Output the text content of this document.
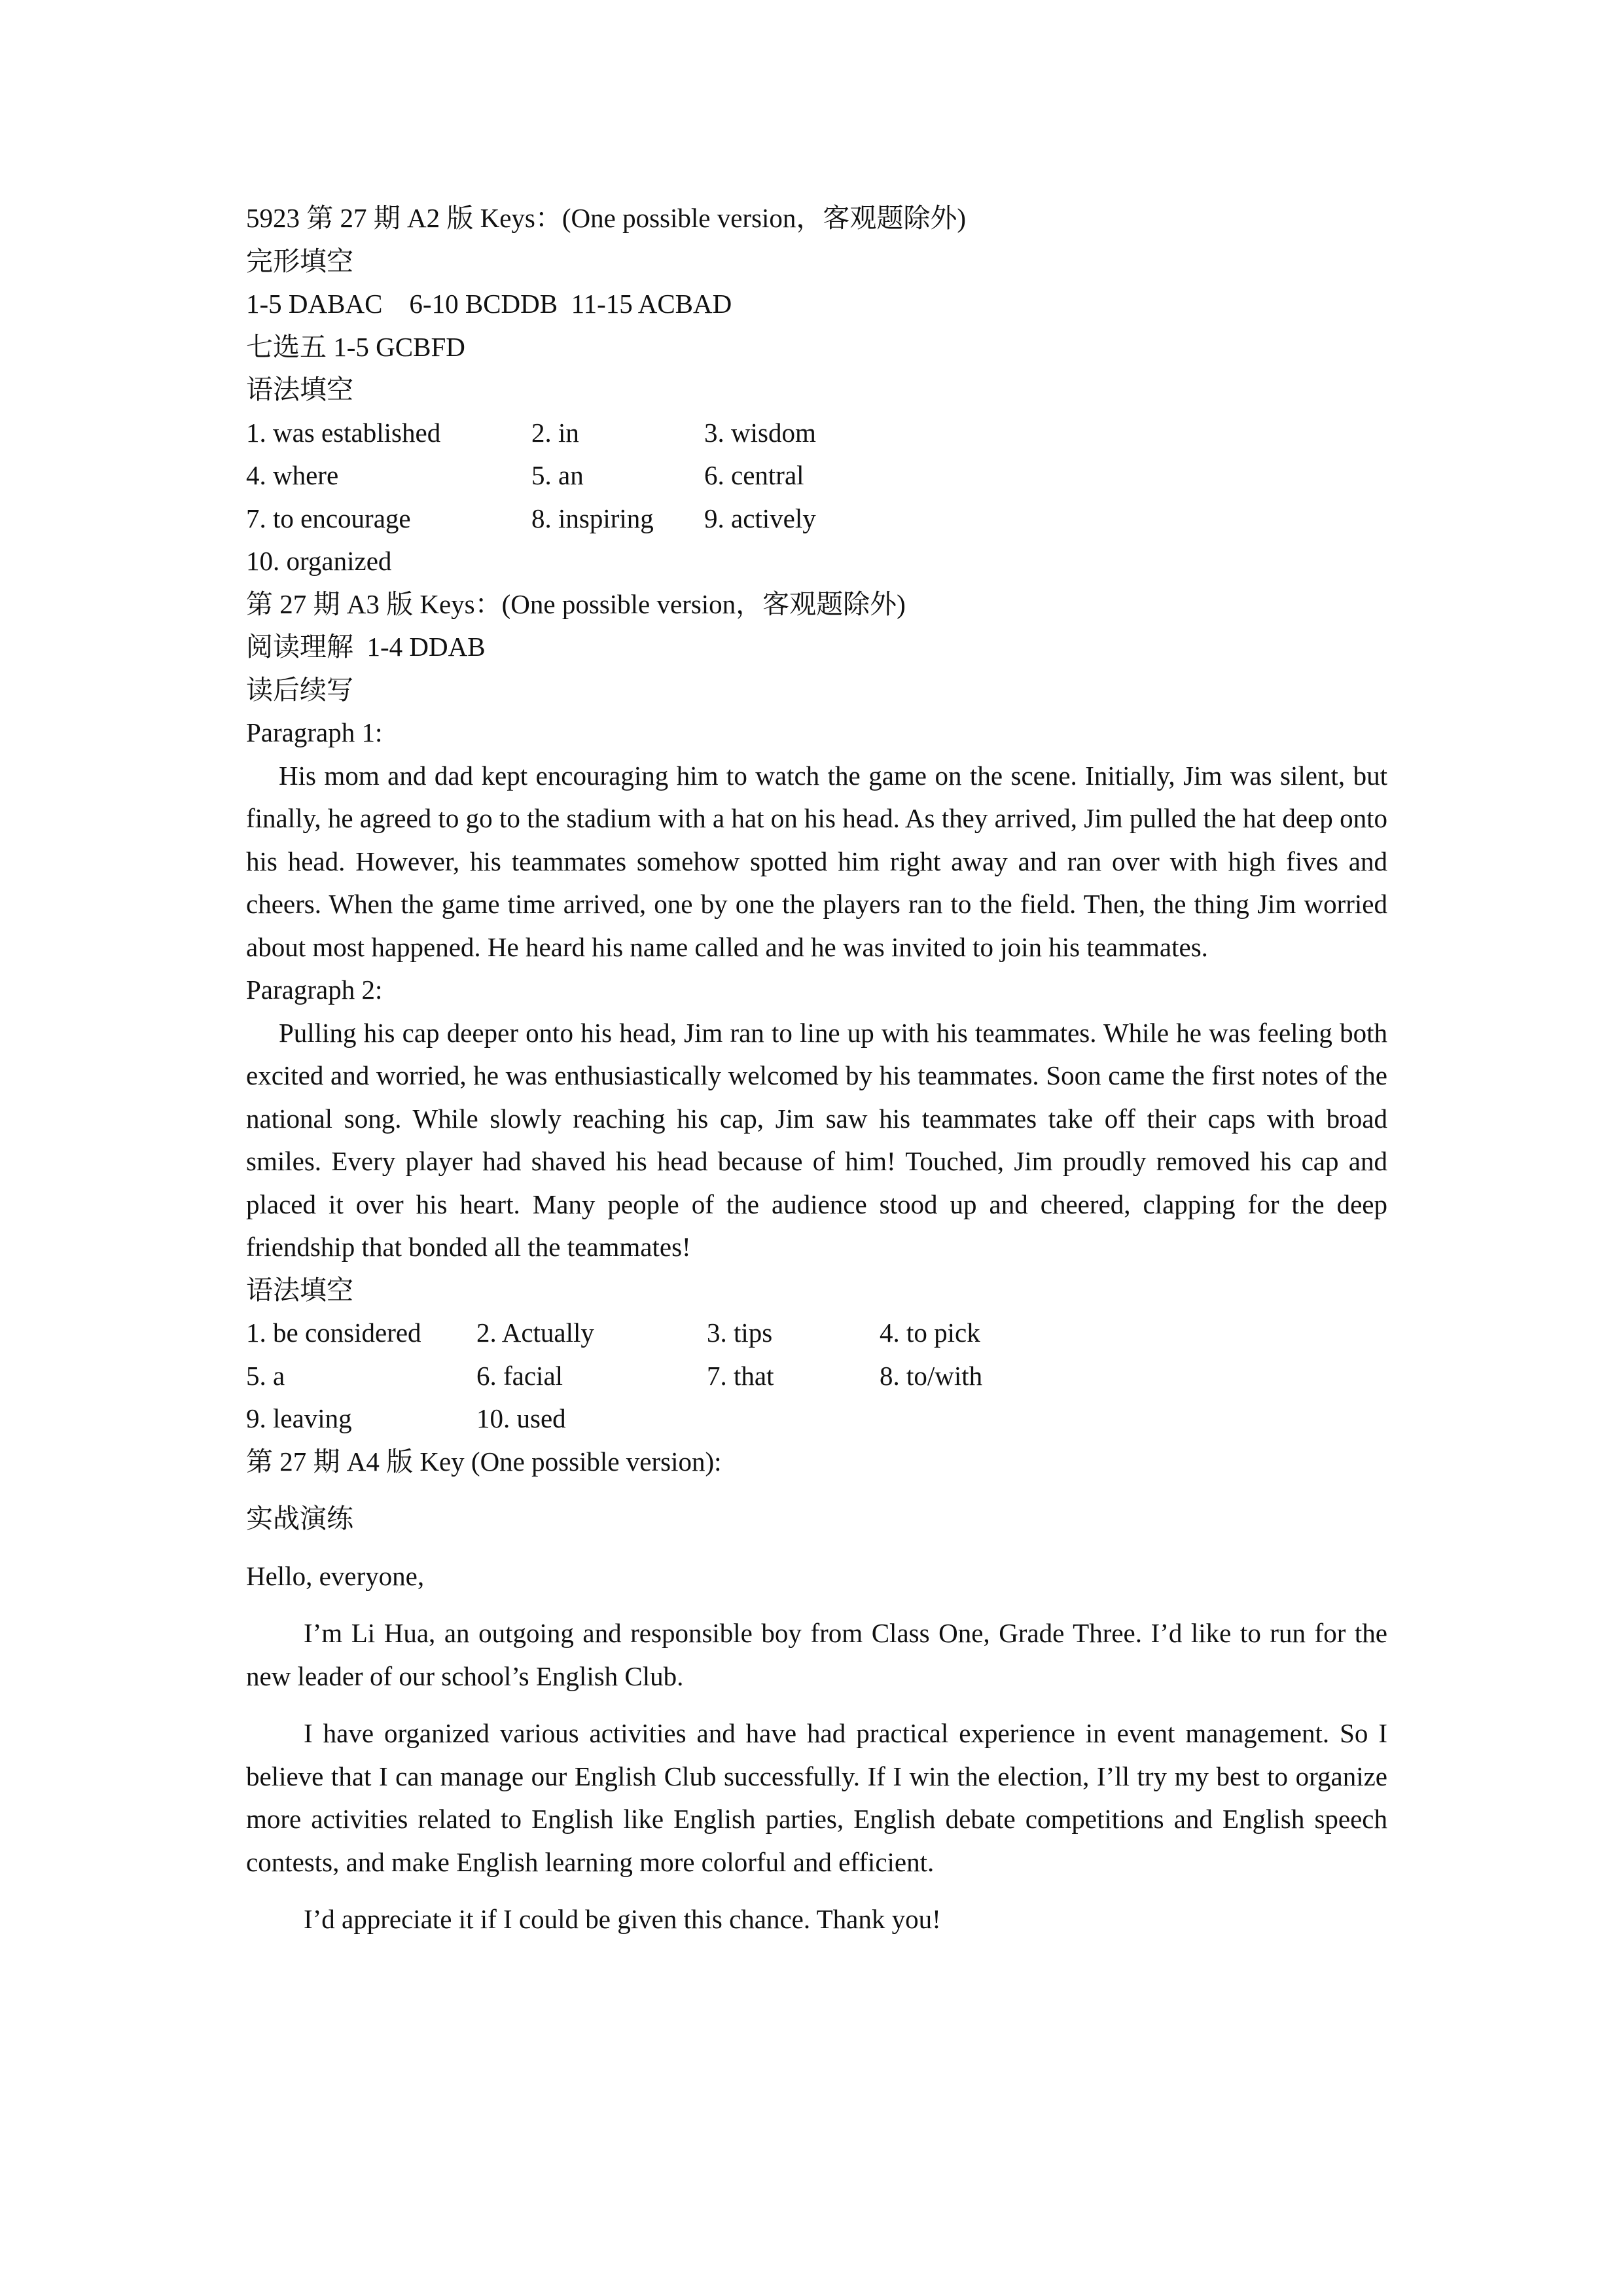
5923 第 27 期 A2 版 Keys：(One possible version，客观题除外)
完形填空
1-5 DABAC    6-10 BCDDB  11-15 ACBAD
七选五 1-5 GCBFD
语法填空
1. was established	2. in	3. wisdom
4. where	5. an	6. central
7. to encourage	8. inspiring	9. actively
10. organized
第 27 期 A3 版 Keys：(One possible version，客观题除外)
阅读理解  1-4 DDAB
读后续写
Paragraph 1:

His mom and dad kept encouraging him to watch the game on the scene. Initially, Jim was silent, but finally, he agreed to go to the stadium with a hat on his head. As they arrived, Jim pulled the hat deep onto his head. However, his teammates somehow spotted him right away and ran over with high fives and cheers. When the game time arrived, one by one the players ran to the field. Then, the thing Jim worried about most happened. He heard his name called and he was invited to join his teammates.

Paragraph 2:

Pulling his cap deeper onto his head, Jim ran to line up with his teammates. While he was feeling both excited and worried, he was enthusiastically welcomed by his teammates. Soon came the first notes of the national song. While slowly reaching his cap, Jim saw his teammates take off their caps with broad smiles. Every player had shaved his head because of him! Touched, Jim proudly removed his cap and placed it over his heart. Many people of the audience stood up and cheered, clapping for the deep friendship that bonded all the teammates!

语法填空
1. be considered	2. Actually	3. tips	4. to pick
5. a	6. facial	7. that	8. to/with
9. leaving	10. used
第 27 期 A4 版 Key (One possible version):
实战演练
Hello, everyone,

I’m Li Hua, an outgoing and responsible boy from Class One, Grade Three. I’d like to run for the new leader of our school’s English Club.

I have organized various activities and have had practical experience in event management. So I believe that I can manage our English Club successfully. If I win the election, I’ll try my best to organize more activities related to English like English parties, English debate competitions and English speech contests, and make English learning more colorful and efficient.

I’d appreciate it if I could be given this chance. Thank you!
